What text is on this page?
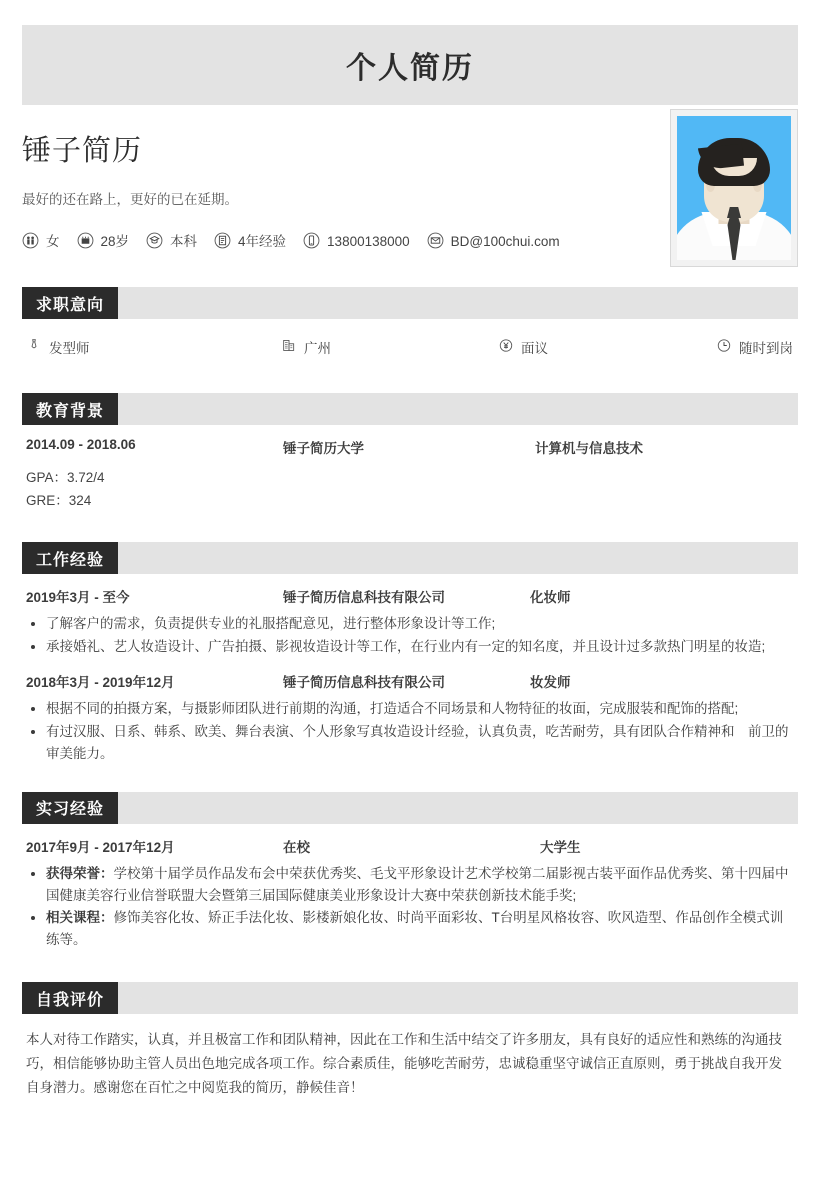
个人简历
锤子简历
最好的还在路上，更好的已在延期。
女	28岁	本科	4年经验	13800138000	BD@100chui.com
求职意向
发型师	广州	面议	随时到岗
教育背景
2014.09 - 2018.06	锤子简历大学	计算机与信息技术
GPA：3.72/4
GRE：324
工作经验
2019年3月 - 至今	锤子简历信息科技有限公司	化妆师
了解客户的需求，负责提供专业的礼服搭配意见，进行整体形象设计等工作;
承接婚礼、艺人妆造设计、广告拍摄、影视妆造设计等工作，在行业内有一定的知名度，并且设计过多款热门明星的妆造;
2018年3月 - 2019年12月	锤子简历信息科技有限公司	妆发师
根据不同的拍摄方案，与摄影师团队进行前期的沟通，打造适合不同场景和人物特征的妆面，完成服装和配饰的搭配;
有过汉服、日系、韩系、欧美、舞台表演、个人形象写真妆造设计经验，认真负责，吃苦耐劳，具有团队合作精神和　前卫的审美能力。
实习经验
2017年9月 - 2017年12月	在校	大学生
获得荣誉：学校第十届学员作品发布会中荣获优秀奖、毛戈平形象设计艺术学校第二届影视古装平面作品优秀奖、第十四届中国健康美容行业信誉联盟大会暨第三届国际健康美业形象设计大赛中荣获创新技术能手奖;
相关课程：修饰美容化妆、矫正手法化妆、影楼新娘化妆、时尚平面彩妆、T台明星风格妆容、吹风造型、作品创作全模式训练等。
自我评价
本人对待工作踏实，认真，并且极富工作和团队精神，因此在工作和生活中结交了许多朋友，具有良好的适应性和熟练的沟通技巧，相信能够协助主管人员出色地完成各项工作。综合素质佳，能够吃苦耐劳，忠诚稳重坚守诚信正直原则，勇于挑战自我开发自身潜力。感谢您在百忙之中阅览我的简历，静候佳音！
